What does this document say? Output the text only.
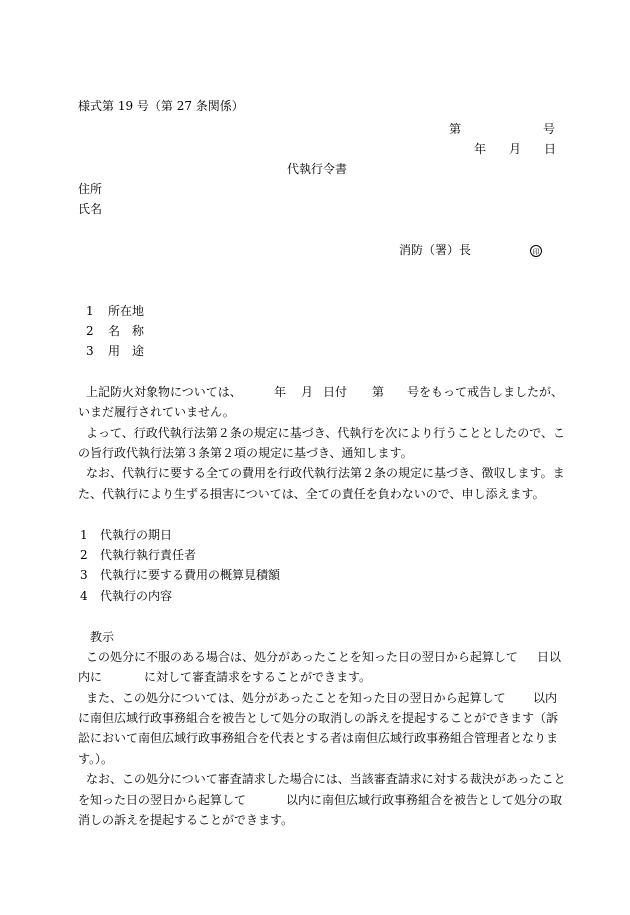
様式第 19 号（第 27 条関係）
第	号
年 月 日
代執行令書
住所
氏名
消防（署）長	印
1 所在地
2 名　称
3 用　途
上記防火対象物については、	年 月 日付 第 号をもって戒告しましたが、
いまだ履行されていません。
よって、行政代執行法第２条の規定に基づき、代執行を次により行うこととしたので、こ
の旨行政代執行法第３条第２項の規定に基づき、通知します。
なお、代執行に要する全ての費用を行政代執行法第２条の規定に基づき、徴収します。ま
た、代執行により生ずる損害については、全ての責任を負わないので、申し添えます。
1 代執行の期日
2 代執行執行責任者
3 代執行に要する費用の概算見積額
4 代執行の内容
教示
この処分に不服のある場合は、処分があったことを知った日の翌日から起算して 日以
内に	に対して審査請求をすることができます。
また、この処分については、処分があったことを知った日の翌日から起算して 以内
に南但広域行政事務組合を被告として処分の取消しの訴えを提起することができます（訴
訟において南但広域行政事務組合を代表とする者は南但広域行政事務組合管理者となりま
す。）。
なお、この処分について審査請求した場合には、当該審査請求に対する裁決があったこと
を知った日の翌日から起算して	以内に南但広域行政事務組合を被告として処分の取
消しの訴えを提起することができます。
